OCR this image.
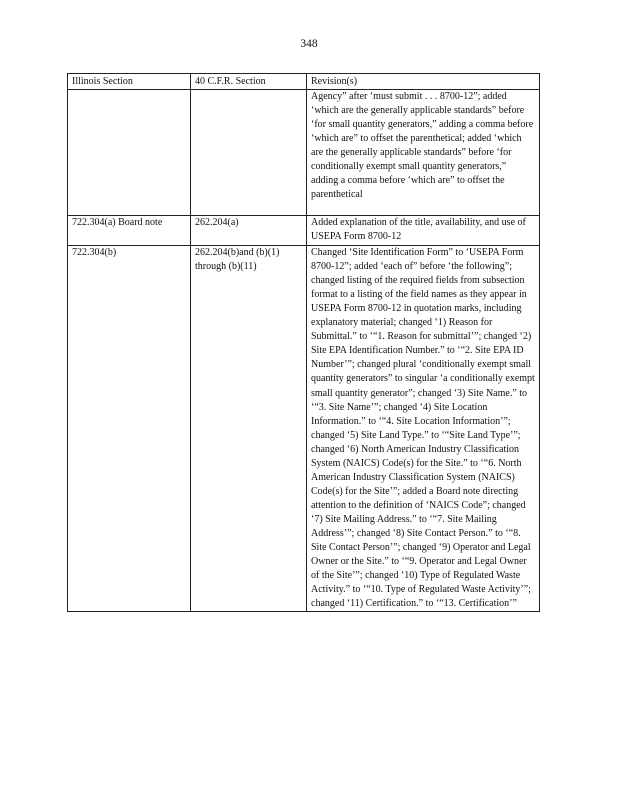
348
Illinois Section	40 C.F.R. Section	Revision(s)
		Agency” after ‘must submit . . . 8700-12”; added ‘which are the generally applicable standards” before ‘for small quantity generators,” adding a comma before ‘which are” to offset the parenthetical; added ‘which are the generally applicable standards” before ‘for conditionally exempt small quantity generators,” adding a comma before ‘which are” to offset the parenthetical
722.304(a) Board note	262.204(a)	Added explanation of the title, availability, and use of USEPA Form 8700-12
722.304(b)	262.204(b)and (b)(1) through (b)(11)	Changed ‘Site Identification Form” to ‘USEPA Form 8700-12”; added ‘each of” before ‘the following”; changed listing of the required fields from subsection format to a listing of the field names as they appear in USEPA Form 8700-12 in quotation marks, including explanatory material; changed ‘1) Reason for Submittal.” to ‘“1. Reason for submittal’”; changed ‘2) Site EPA Identification Number.” to ‘“2. Site EPA ID Number’”; changed plural ‘conditionally exempt small quantity generators” to singular ‘a conditionally exempt small quantity generator”; changed ‘3) Site Name.” to ‘“3. Site Name’”; changed ‘4) Site Location Information.” to ‘“4. Site Location Information’”; changed ‘5) Site Land Type.” to ‘“Site Land Type’”; changed ‘6) North American Industry Classification System (NAICS) Code(s) for the Site.” to ‘“6. North American Industry Classification System (NAICS) Code(s) for the Site’”; added a Board note directing attention to the definition of ‘NAICS Code”; changed ‘7) Site Mailing Address.” to ‘“7. Site Mailing Address’”; changed ‘8) Site Contact Person.” to ‘“8. Site Contact Person’”; changed ‘9) Operator and Legal Owner or the Site.” to ‘“9. Operator and Legal Owner of the Site’”; changed ‘10) Type of Regulated Waste Activity.” to ‘“10. Type of Regulated Waste Activity’”; changed ‘11) Certification.” to ‘“13. Certification’”
